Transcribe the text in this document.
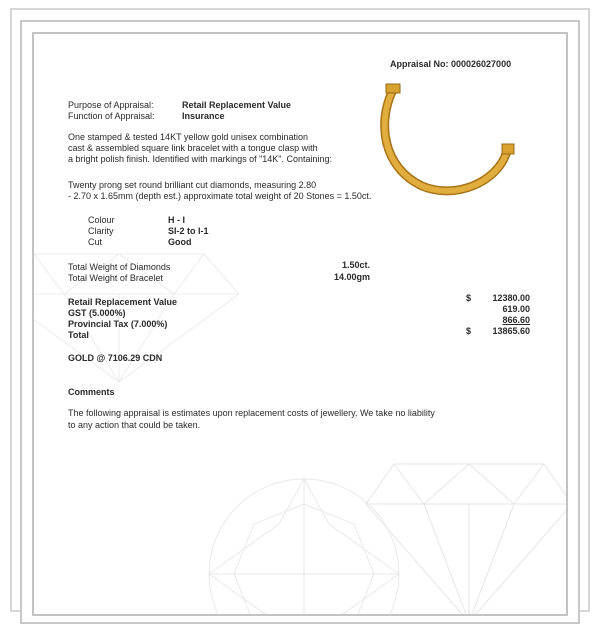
Appraisal No: 000026027000
Purpose of Appraisal:	Retail Replacement Value
Function of Appraisal:	Insurance
One stamped & tested 14KT yellow gold unisex combination
cast & assembled square link bracelet with a tongue clasp with
a bright polish finish. Identified with markings of "14K". Containing:
Twenty prong set round brilliant cut diamonds, measuring 2.80
- 2.70 x 1.65mm (depth est.) approximate total weight of 20 Stones = 1.50ct.
Colour	H - I
Clarity	SI-2 to I-1
Cut	Good
Total Weight of Diamonds	1.50ct.
Total Weight of Bracelet	14.00gm
Retail Replacement Value	$	12380.00
GST (5.000%)	619.00
Provincial Tax (7.000%)	866.60
Total	$	13865.60
GOLD @ 7106.29 CDN
Comments
The following appraisal is estimates upon replacement costs of jewellery. We take no liability
to any action that could be taken.
